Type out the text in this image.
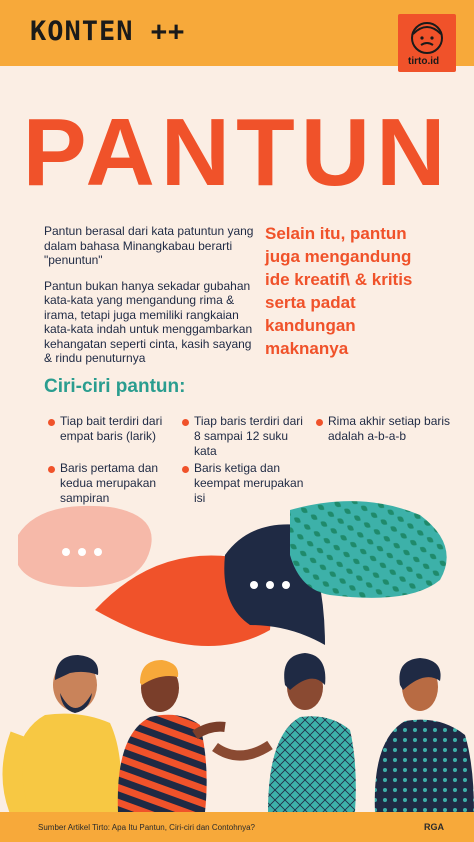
KONTEN ++
tirto.id
PANTUN

Pantun berasal dari kata patuntun yang dalam bahasa Minangkabau berarti "penuntun"

Pantun bukan hanya sekadar gubahan kata-kata yang mengandung rima & irama, tetapi juga memiliki rangkaian kata-kata indah untuk menggambarkan kehangatan seperti cinta, kasih sayang & rindu penuturnya

Selain itu, pantun juga mengandung ide kreatif\ & kritis serta padat kandungan maknanya
Ciri-ciri pantun:
Tiap bait terdiri dari empat baris (larik)
Tiap baris terdiri dari 8 sampai 12 suku kata
Rima akhir setiap baris adalah a-b-a-b
Baris pertama dan kedua merupakan sampiran
Baris ketiga dan keempat merupakan isi
Sumber Artikel Tirto: Apa Itu Pantun, Ciri-ciri dan Contohnya?	RGA
